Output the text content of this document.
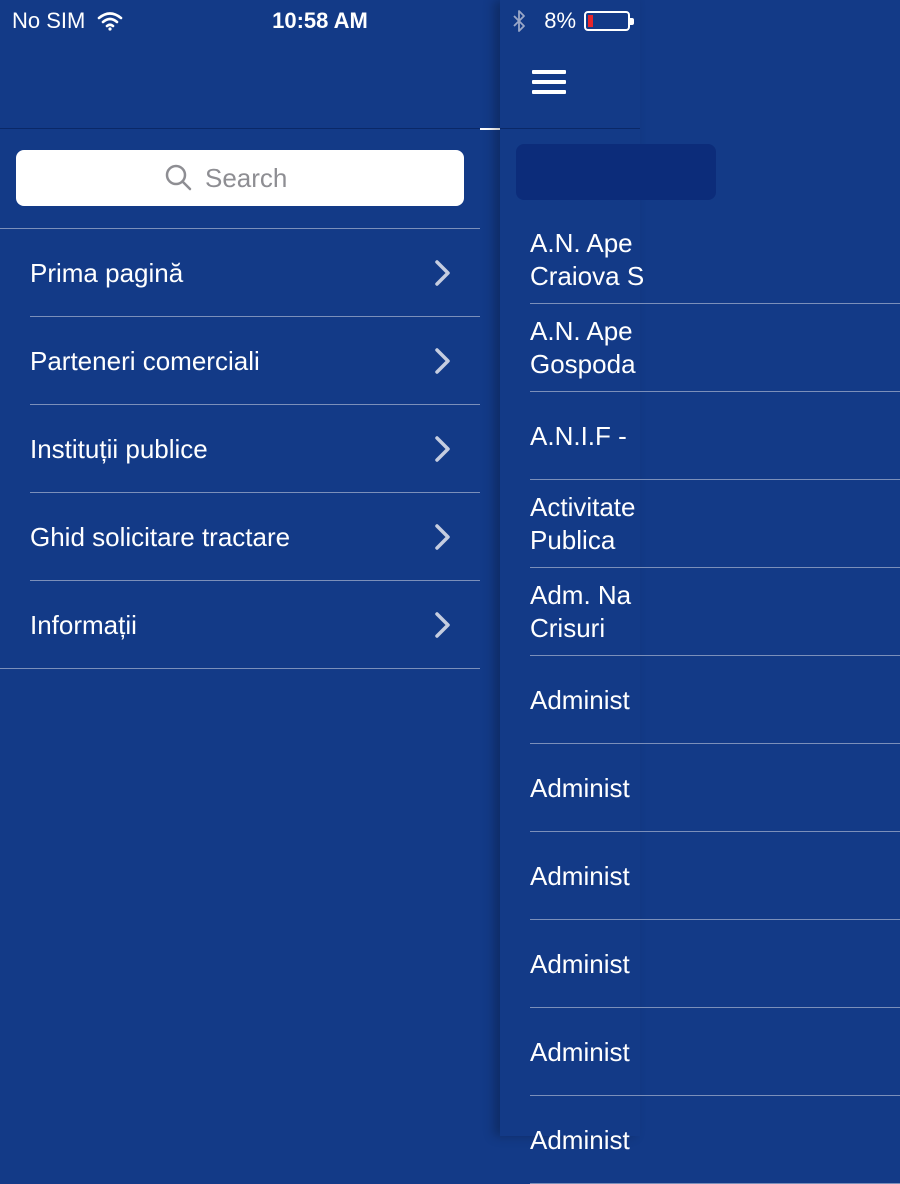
Search
Prima pagină
Parteneri comerciali
Instituții publice
Ghid solicitare tractare
Informații
A.N. Ape
Craiova S
A.N. Ape
Gospoda
A.N.I.F -
Activitate
Publica
Adm. Na
Crisuri
Administ
Administ
Administ
Administ
Administ
Administ
No SIM	10:58 AM	8%
